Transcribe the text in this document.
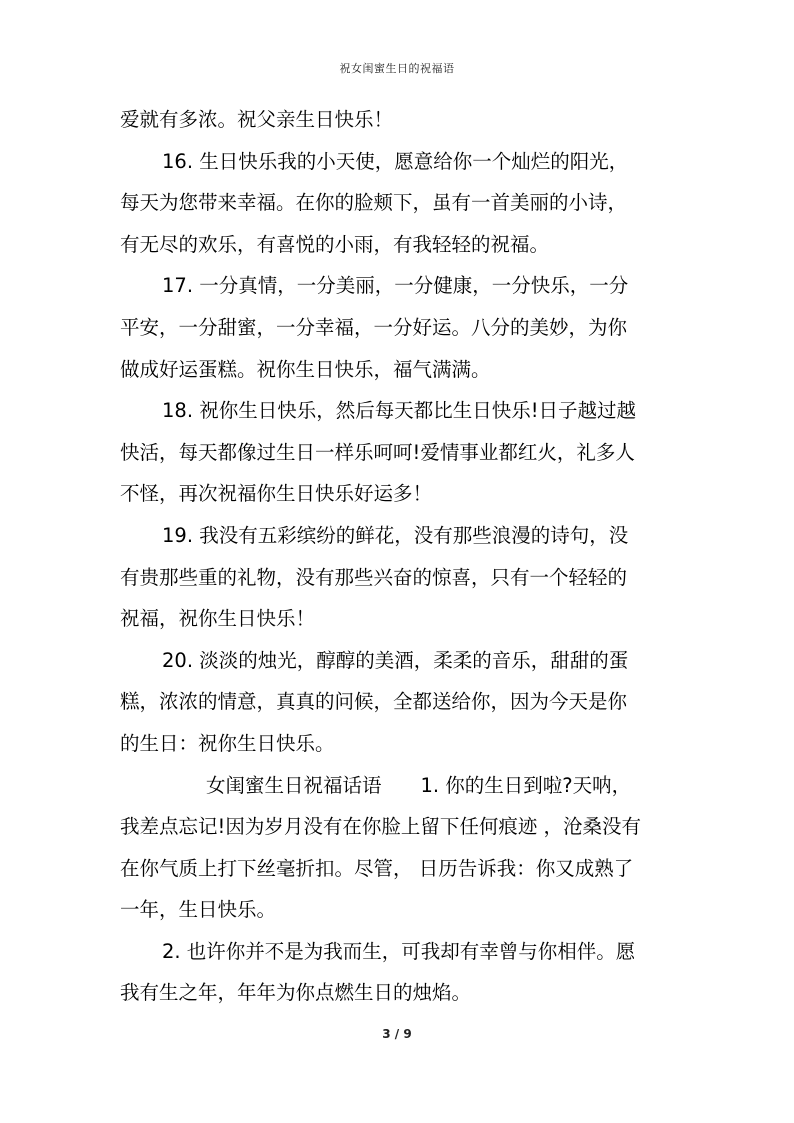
祝女闺蜜生日的祝福语
爱就有多浓。祝父亲生日快乐！
16. 生日快乐我的小天使，愿意给你一个灿烂的阳光，
每天为您带来幸福。在你的脸颊下，虽有一首美丽的小诗，
有无尽的欢乐，有喜悦的小雨，有我轻轻的祝福。
17. 一分真情，一分美丽，一分健康，一分快乐，一分
平安，一分甜蜜，一分幸福，一分好运。八分的美妙，为你
做成好运蛋糕。祝你生日快乐，福气满满。
18. 祝你生日快乐，然后每天都比生日快乐!日子越过越
快活，每天都像过生日一样乐呵呵!爱情事业都红火，礼多人
不怪，再次祝福你生日快乐好运多！
19. 我没有五彩缤纷的鲜花，没有那些浪漫的诗句，没
有贵那些重的礼物，没有那些兴奋的惊喜，只有一个轻轻的
祝福，祝你生日快乐！
20. 淡淡的烛光，醇醇的美酒，柔柔的音乐，甜甜的蛋
糕，浓浓的情意，真真的问候，全都送给你，因为今天是你
的生日：祝你生日快乐。
女闺蜜生日祝福话语　　1. 你的生日到啦?天呐，
我差点忘记!因为岁月没有在你脸上留下任何痕迹 ，沧桑没有
在你气质上打下丝毫折扣。尽管， 日历告诉我：你又成熟了
一年，生日快乐。
2. 也许你并不是为我而生，可我却有幸曾与你相伴。愿
我有生之年，年年为你点燃生日的烛焰。
3 / 9
